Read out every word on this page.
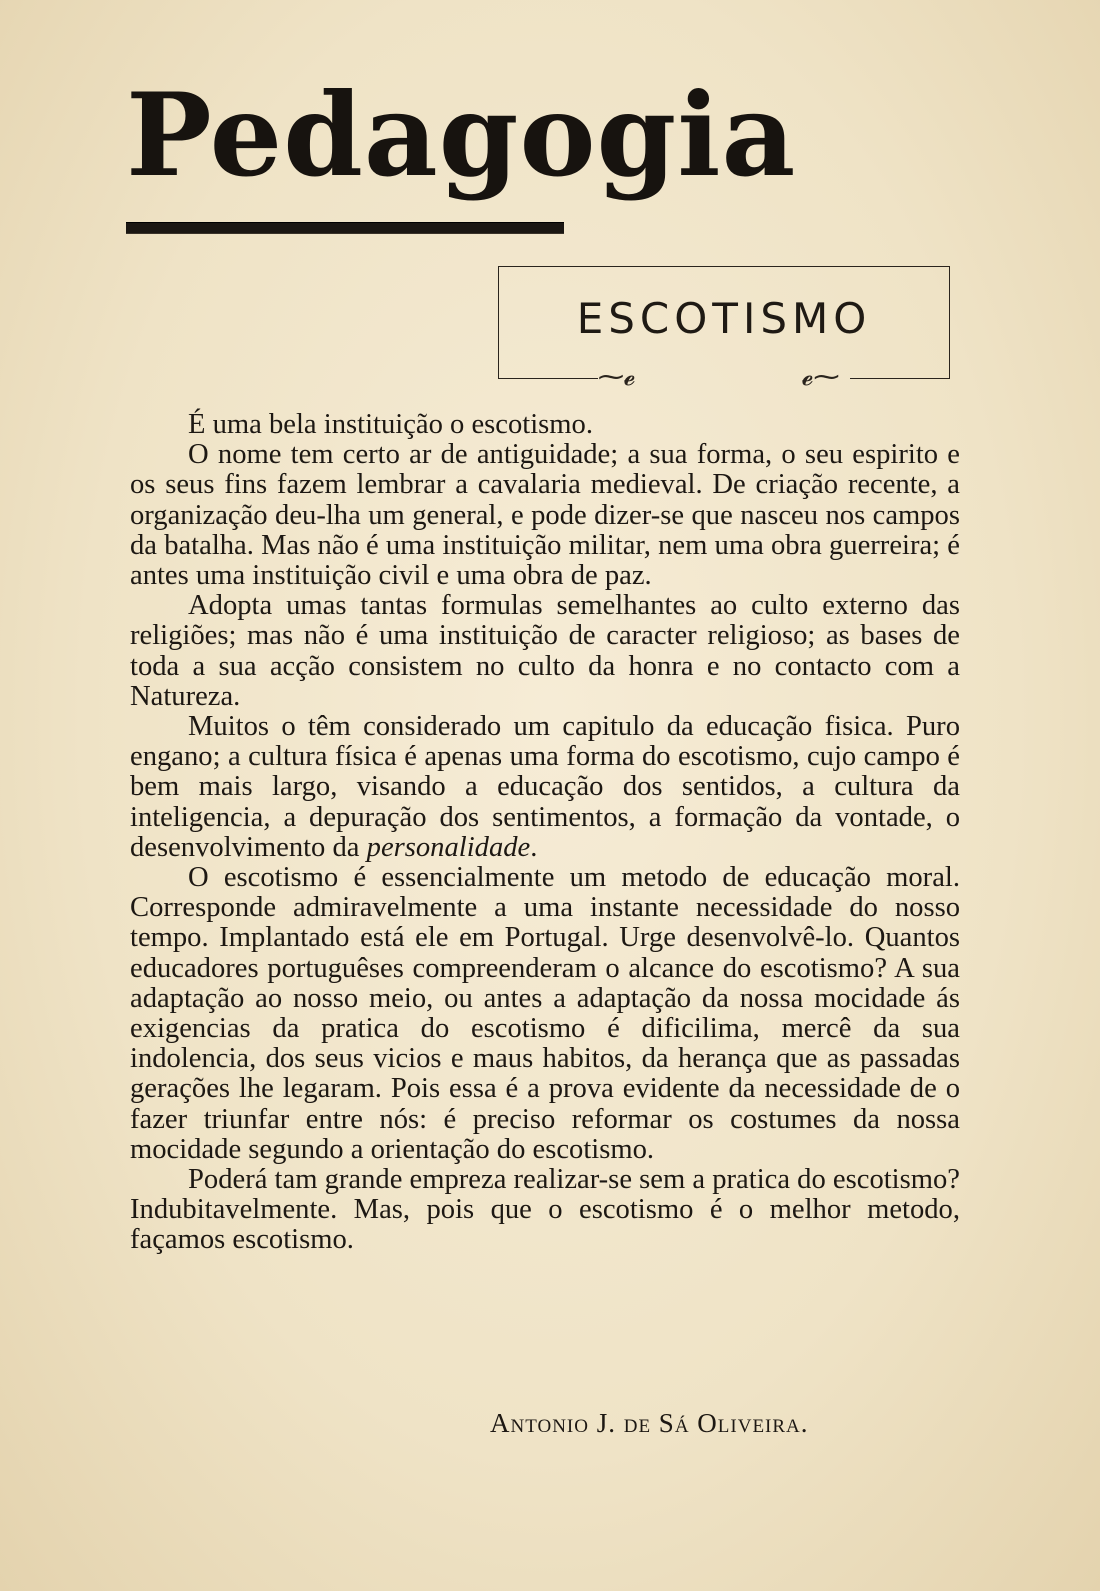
Pedagogia
⁓𝓮	𝓮⁓
ESCOTISMO

É uma bela instituição o escotismo.

O nome tem certo ar de antiguidade; a sua forma, o seu espirito e os seus fins fazem lembrar a cavalaria medieval. De criação recente, a organização deu-lha um general, e pode dizer-se que nasceu nos campos da batalha. Mas não é uma instituição militar, nem uma obra guerreira; é antes uma instituição civil e uma obra de paz.

Adopta umas tantas formulas semelhantes ao culto externo das religiões; mas não é uma instituição de caracter religioso; as bases de toda a sua acção consistem no culto da honra e no contacto com a Natureza.

Muitos o têm considerado um capitulo da educação fisica. Puro engano; a cultura física é apenas uma forma do escotismo, cujo campo é bem mais largo, visando a educação dos sentidos, a cultura da inteligencia, a depuração dos sentimentos, a formação da vontade, o desenvolvimento da personalidade.

O escotismo é essencialmente um metodo de educação moral. Corresponde admiravelmente a uma instante necessidade do nosso tempo. Implantado está ele em Portugal. Urge desenvolvê-lo. Quantos educadores portuguêses compreenderam o alcance do escotismo? A sua adaptação ao nosso meio, ou antes a adaptação da nossa mocidade ás exigencias da pratica do escotismo é dificilima, mercê da sua indolencia, dos seus vicios e maus habitos, da herança que as passadas gerações lhe legaram. Pois essa é a prova evidente da necessidade de o fazer triunfar entre nós: é preciso reformar os costumes da nossa mocidade segundo a orientação do escotismo.

Poderá tam grande empreza realizar-se sem a pratica do escotismo? Indubitavelmente. Mas, pois que o escotismo é o melhor metodo, façamos escotismo.

Antonio J. de Sá Oliveira.
